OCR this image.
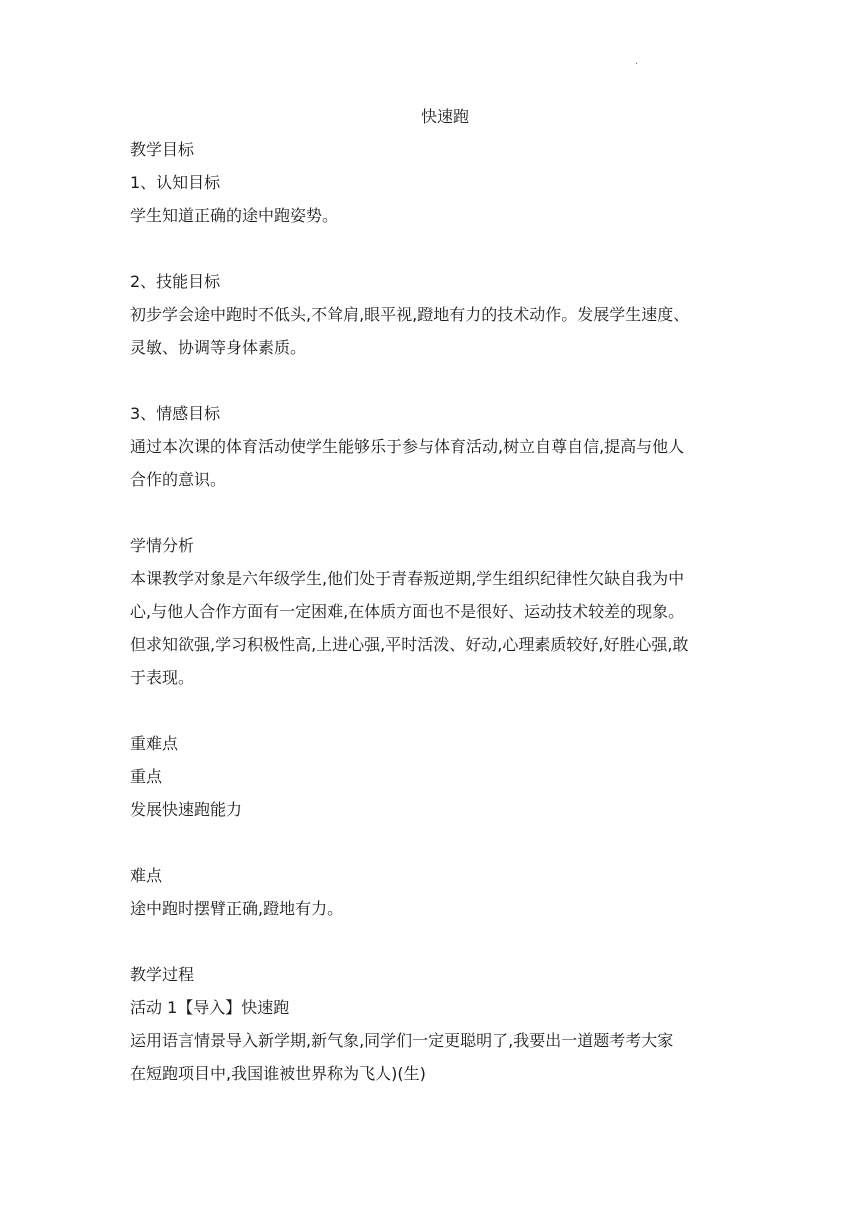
.
快速跑
教学目标
1、认知目标
学生知道正确的途中跑姿势。
2、技能目标
初步学会途中跑时不低头,不耸肩,眼平视,蹬地有力的技术动作。发展学生速度、
灵敏、协调等身体素质。
3、情感目标
通过本次课的体育活动使学生能够乐于参与体育活动,树立自尊自信,提高与他人
合作的意识。
学情分析
本课教学对象是六年级学生,他们处于青春叛逆期,学生组织纪律性欠缺自我为中
心,与他人合作方面有一定困难,在体质方面也不是很好、运动技术较差的现象。
但求知欲强,学习积极性高,上进心强,平时活泼、好动,心理素质较好,好胜心强,敢
于表现。
重难点
重点
发展快速跑能力
难点
途中跑时摆臂正确,蹬地有力。
教学过程
活动 1【导入】快速跑
运用语言情景导入新学期,新气象,同学们一定更聪明了,我要出一道题考考大家
在短跑项目中,我国谁被世界称为飞人)(生)
